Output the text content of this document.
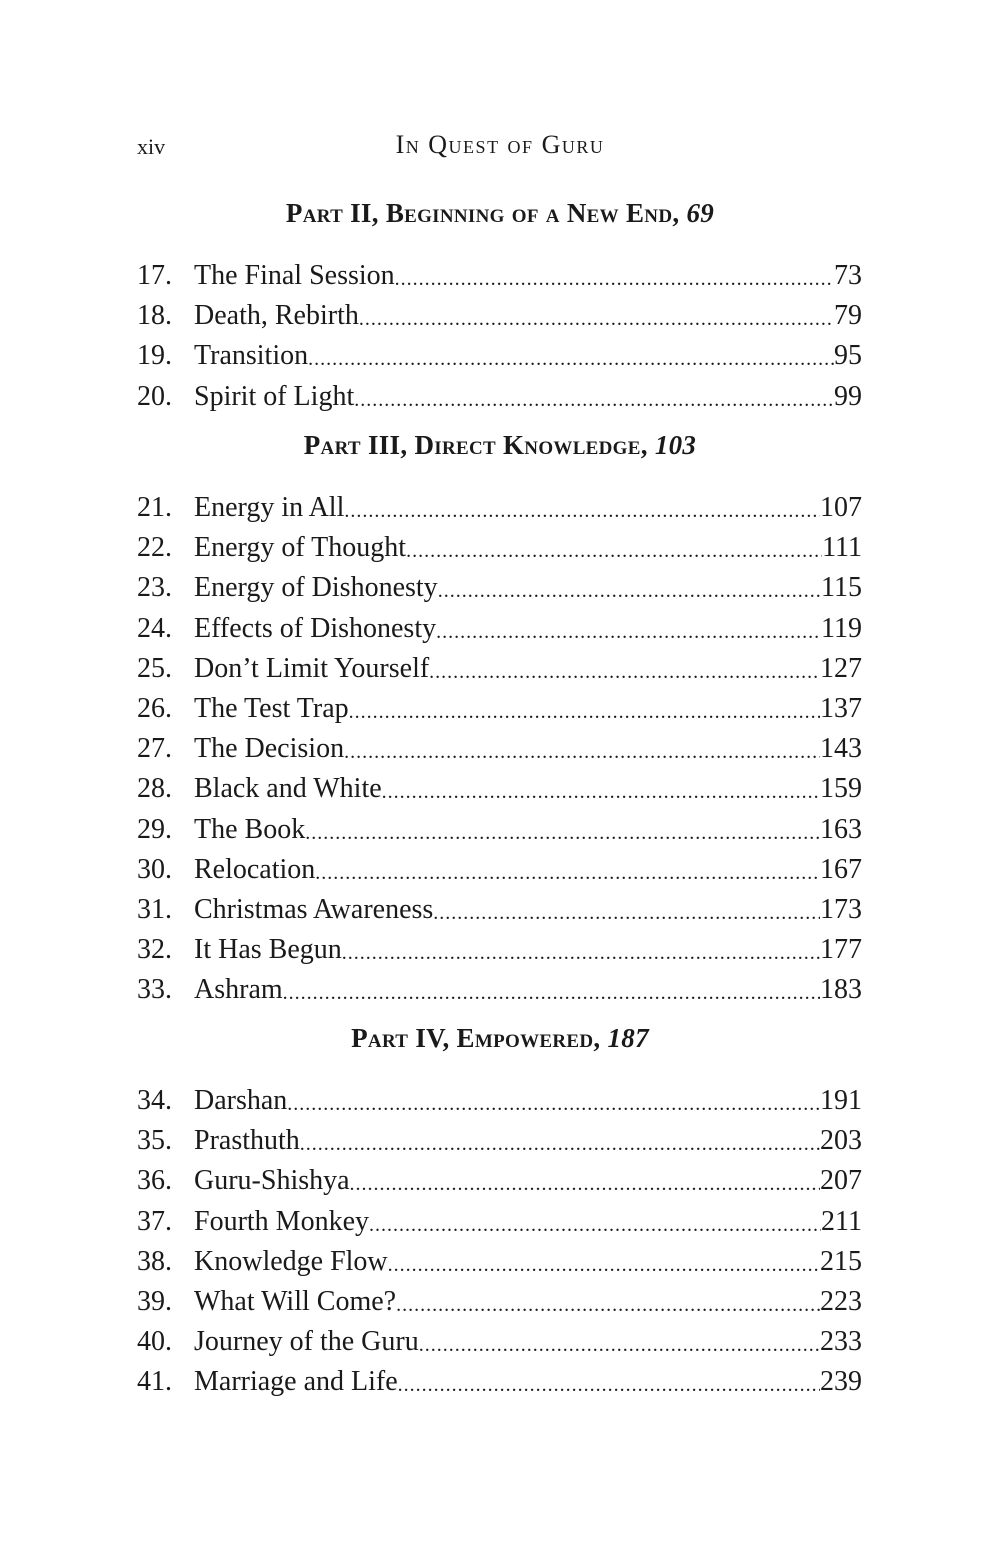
xiv	In Quest of Guru
Part II, Beginning of a New End, 69
17. The Final Session .....	73
18. Death, Rebirth .....	79
19. Transition .....	95
20. Spirit of Light .....	99
Part III, Direct Knowledge, 103
21. Energy in All .....	107
22. Energy of Thought .....	111
23. Energy of Dishonesty .....	115
24. Effects of Dishonesty .....	119
25. Don’t Limit Yourself .....	127
26. The Test Trap .....	137
27. The Decision .....	143
28. Black and White .....	159
29. The Book .....	163
30. Relocation .....	167
31. Christmas Awareness .....	173
32. It Has Begun .....	177
33. Ashram .....	183
Part IV, Empowered, 187
34. Darshan .....	191
35. Prasthuth .....	203
36. Guru-Shishya .....	207
37. Fourth Monkey .....	211
38. Knowledge Flow .....	215
39. What Will Come? .....	223
40. Journey of the Guru .....	233
41. Marriage and Life .....	239
